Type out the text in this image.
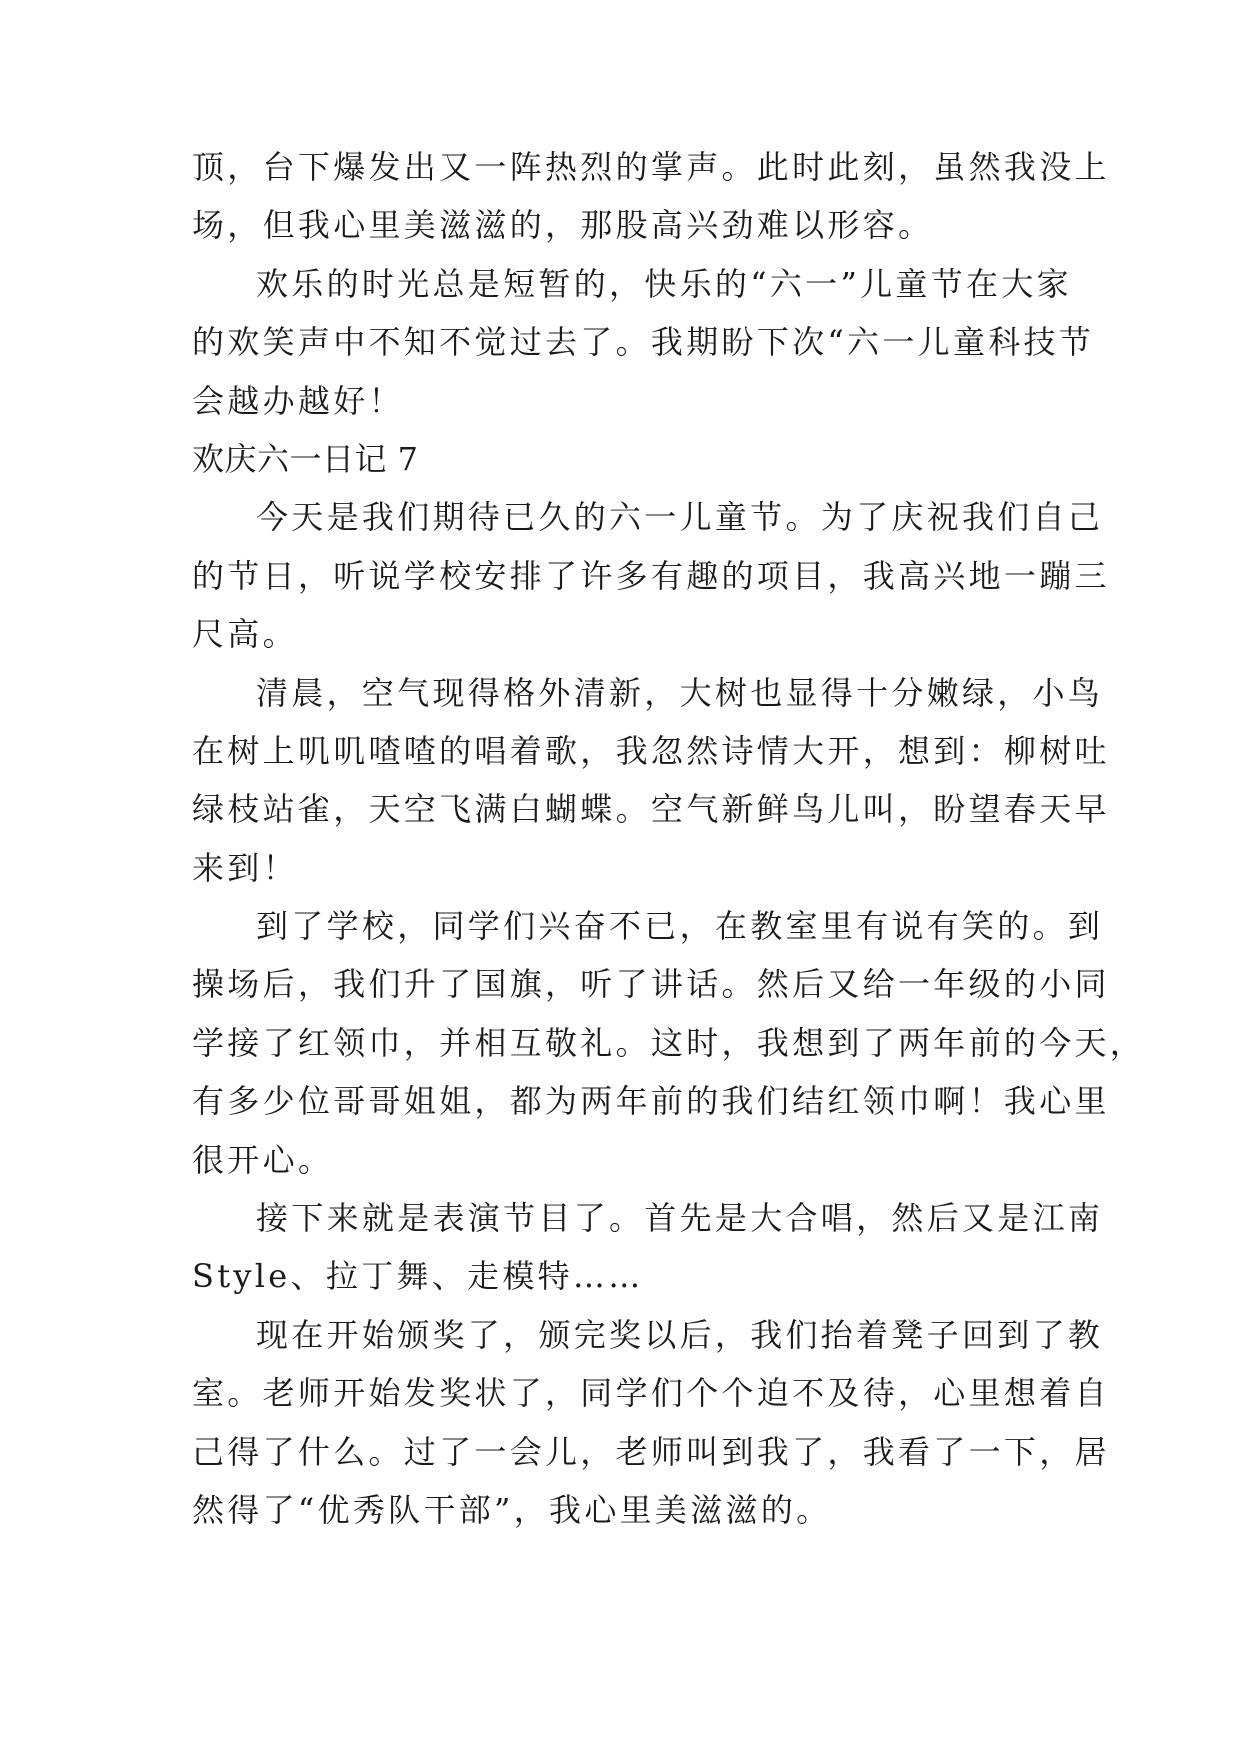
顶，台下爆发出又一阵热烈的掌声。此时此刻，虽然我没上
场，但我心里美滋滋的，那股高兴劲难以形容。
欢乐的时光总是短暂的，快乐的“六一”儿童节在大家
的欢笑声中不知不觉过去了。我期盼下次“六一儿童科技节
会越办越好！
欢庆六一日记 7
今天是我们期待已久的六一儿童节。为了庆祝我们自己
的节日，听说学校安排了许多有趣的项目，我高兴地一蹦三
尺高。
清晨，空气现得格外清新，大树也显得十分嫩绿，小鸟
在树上叽叽喳喳的唱着歌，我忽然诗情大开，想到：柳树吐
绿枝站雀，天空飞满白蝴蝶。空气新鲜鸟儿叫，盼望春天早
来到！
到了学校，同学们兴奋不已，在教室里有说有笑的。到
操场后，我们升了国旗，听了讲话。然后又给一年级的小同
学接了红领巾，并相互敬礼。这时，我想到了两年前的今天，
有多少位哥哥姐姐，都为两年前的我们结红领巾啊！我心里
很开心。
接下来就是表演节目了。首先是大合唱，然后又是江南
Style、拉丁舞、走模特……
现在开始颁奖了，颁完奖以后，我们抬着凳子回到了教
室。老师开始发奖状了，同学们个个迫不及待，心里想着自
己得了什么。过了一会儿，老师叫到我了，我看了一下，居
然得了“优秀队干部”，我心里美滋滋的。
